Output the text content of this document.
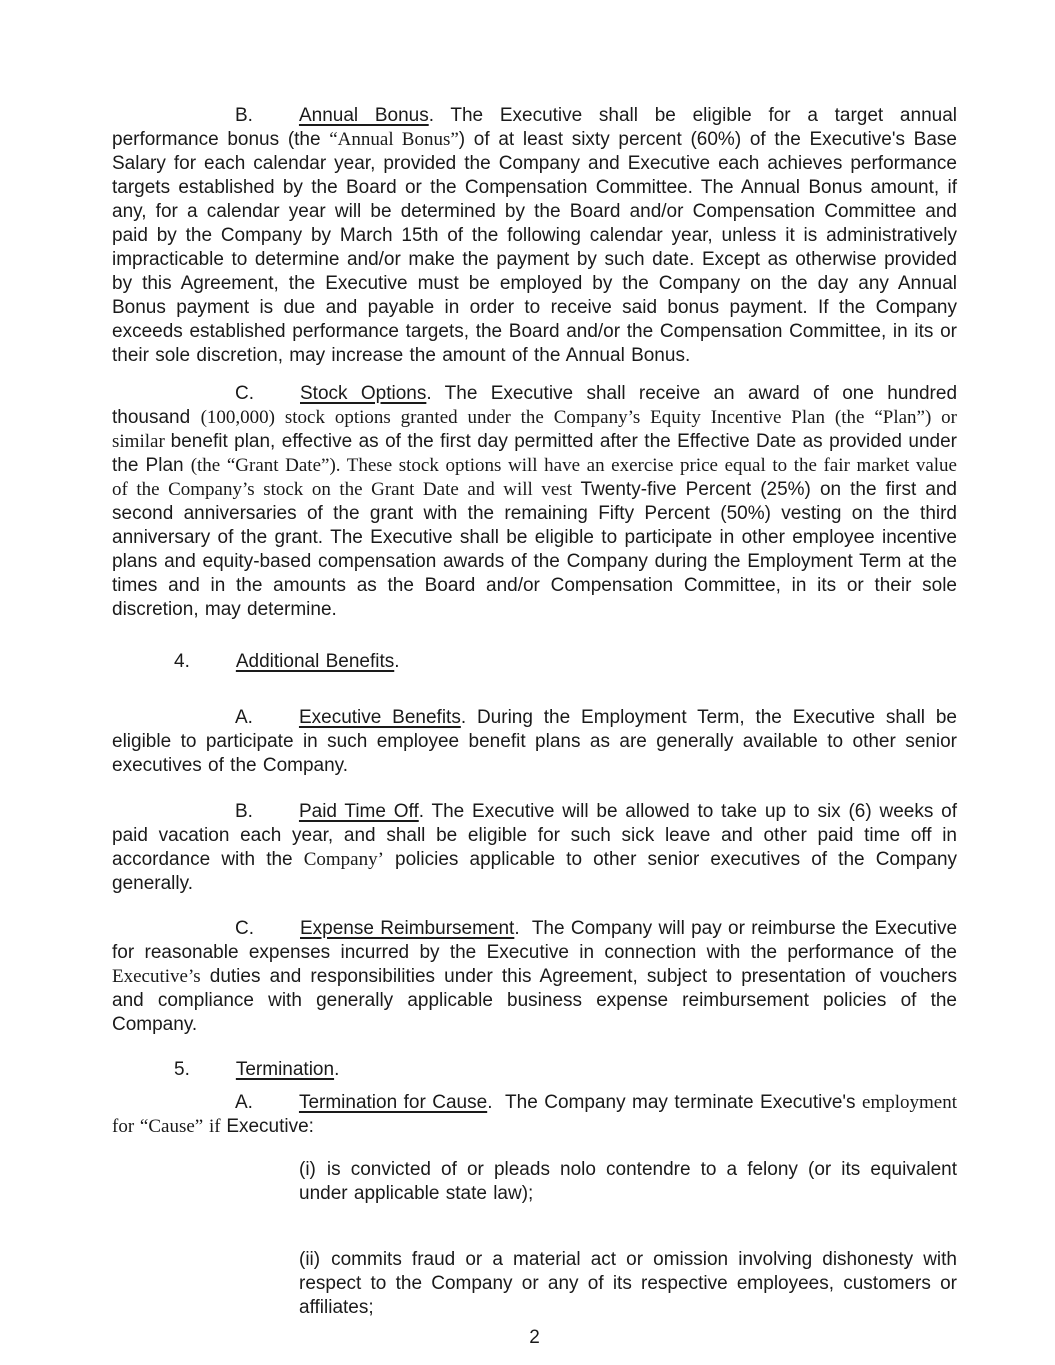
B. Annual Bonus. The Executive shall be eligible for a target annual performance bonus (the “Annual Bonus”) of at least sixty percent (60%) of the Executive's Base Salary for each calendar year, provided the Company and Executive each achieves performance targets established by the Board or the Compensation Committee. The Annual Bonus amount, if any, for a calendar year will be determined by the Board and/or Compensation Committee and paid by the Company by March 15th of the following calendar year, unless it is administratively impracticable to determine and/or make the payment by such date. Except as otherwise provided by this Agreement, the Executive must be employed by the Company on the day any Annual Bonus payment is due and payable in order to receive said bonus payment. If the Company exceeds established performance targets, the Board and/or the Compensation Committee, in its or their sole discretion, may increase the amount of the Annual Bonus.

C. Stock Options. The Executive shall receive an award of one hundred thousand (100,000) stock options granted under the Company’s Equity Incentive Plan (the “Plan”) or similar benefit plan, effective as of the first day permitted after the Effective Date as provided under the Plan (the “Grant Date”). These stock options will have an exercise price equal to the fair market value of the Company’s stock on the Grant Date and will vest Twenty-five Percent (25%) on the first and second anniversaries of the grant with the remaining Fifty Percent (50%) vesting on the third anniversary of the grant. The Executive shall be eligible to participate in other employee incentive plans and equity-based compensation awards of the Company during the Employment Term at the times and in the amounts as the Board and/or Compensation Committee, in its or their sole discretion, may determine.

4. Additional Benefits.

A. Executive Benefits. During the Employment Term, the Executive shall be eligible to participate in such employee benefit plans as are generally available to other senior executives of the Company.

B. Paid Time Off. The Executive will be allowed to take up to six (6) weeks of paid vacation each year, and shall be eligible for such sick leave and other paid time off in accordance with the Company’ policies applicable to other senior executives of the Company generally.

C. Expense Reimbursement.  The Company will pay or reimburse the Executive for reasonable expenses incurred by the Executive in connection with the performance of the Executive’s duties and responsibilities under this Agreement, subject to presentation of vouchers and compliance with generally applicable business expense reimbursement policies of the Company.

5. Termination.

A. Termination for Cause.  The Company may terminate Executive's employment for “Cause” if Executive:

(i) is convicted of or pleads nolo contendre to a felony (or its equivalent under applicable state law);

(ii) commits fraud or a material act or omission involving dishonesty with respect to the Company or any of its respective employees, customers or affiliates;

2
